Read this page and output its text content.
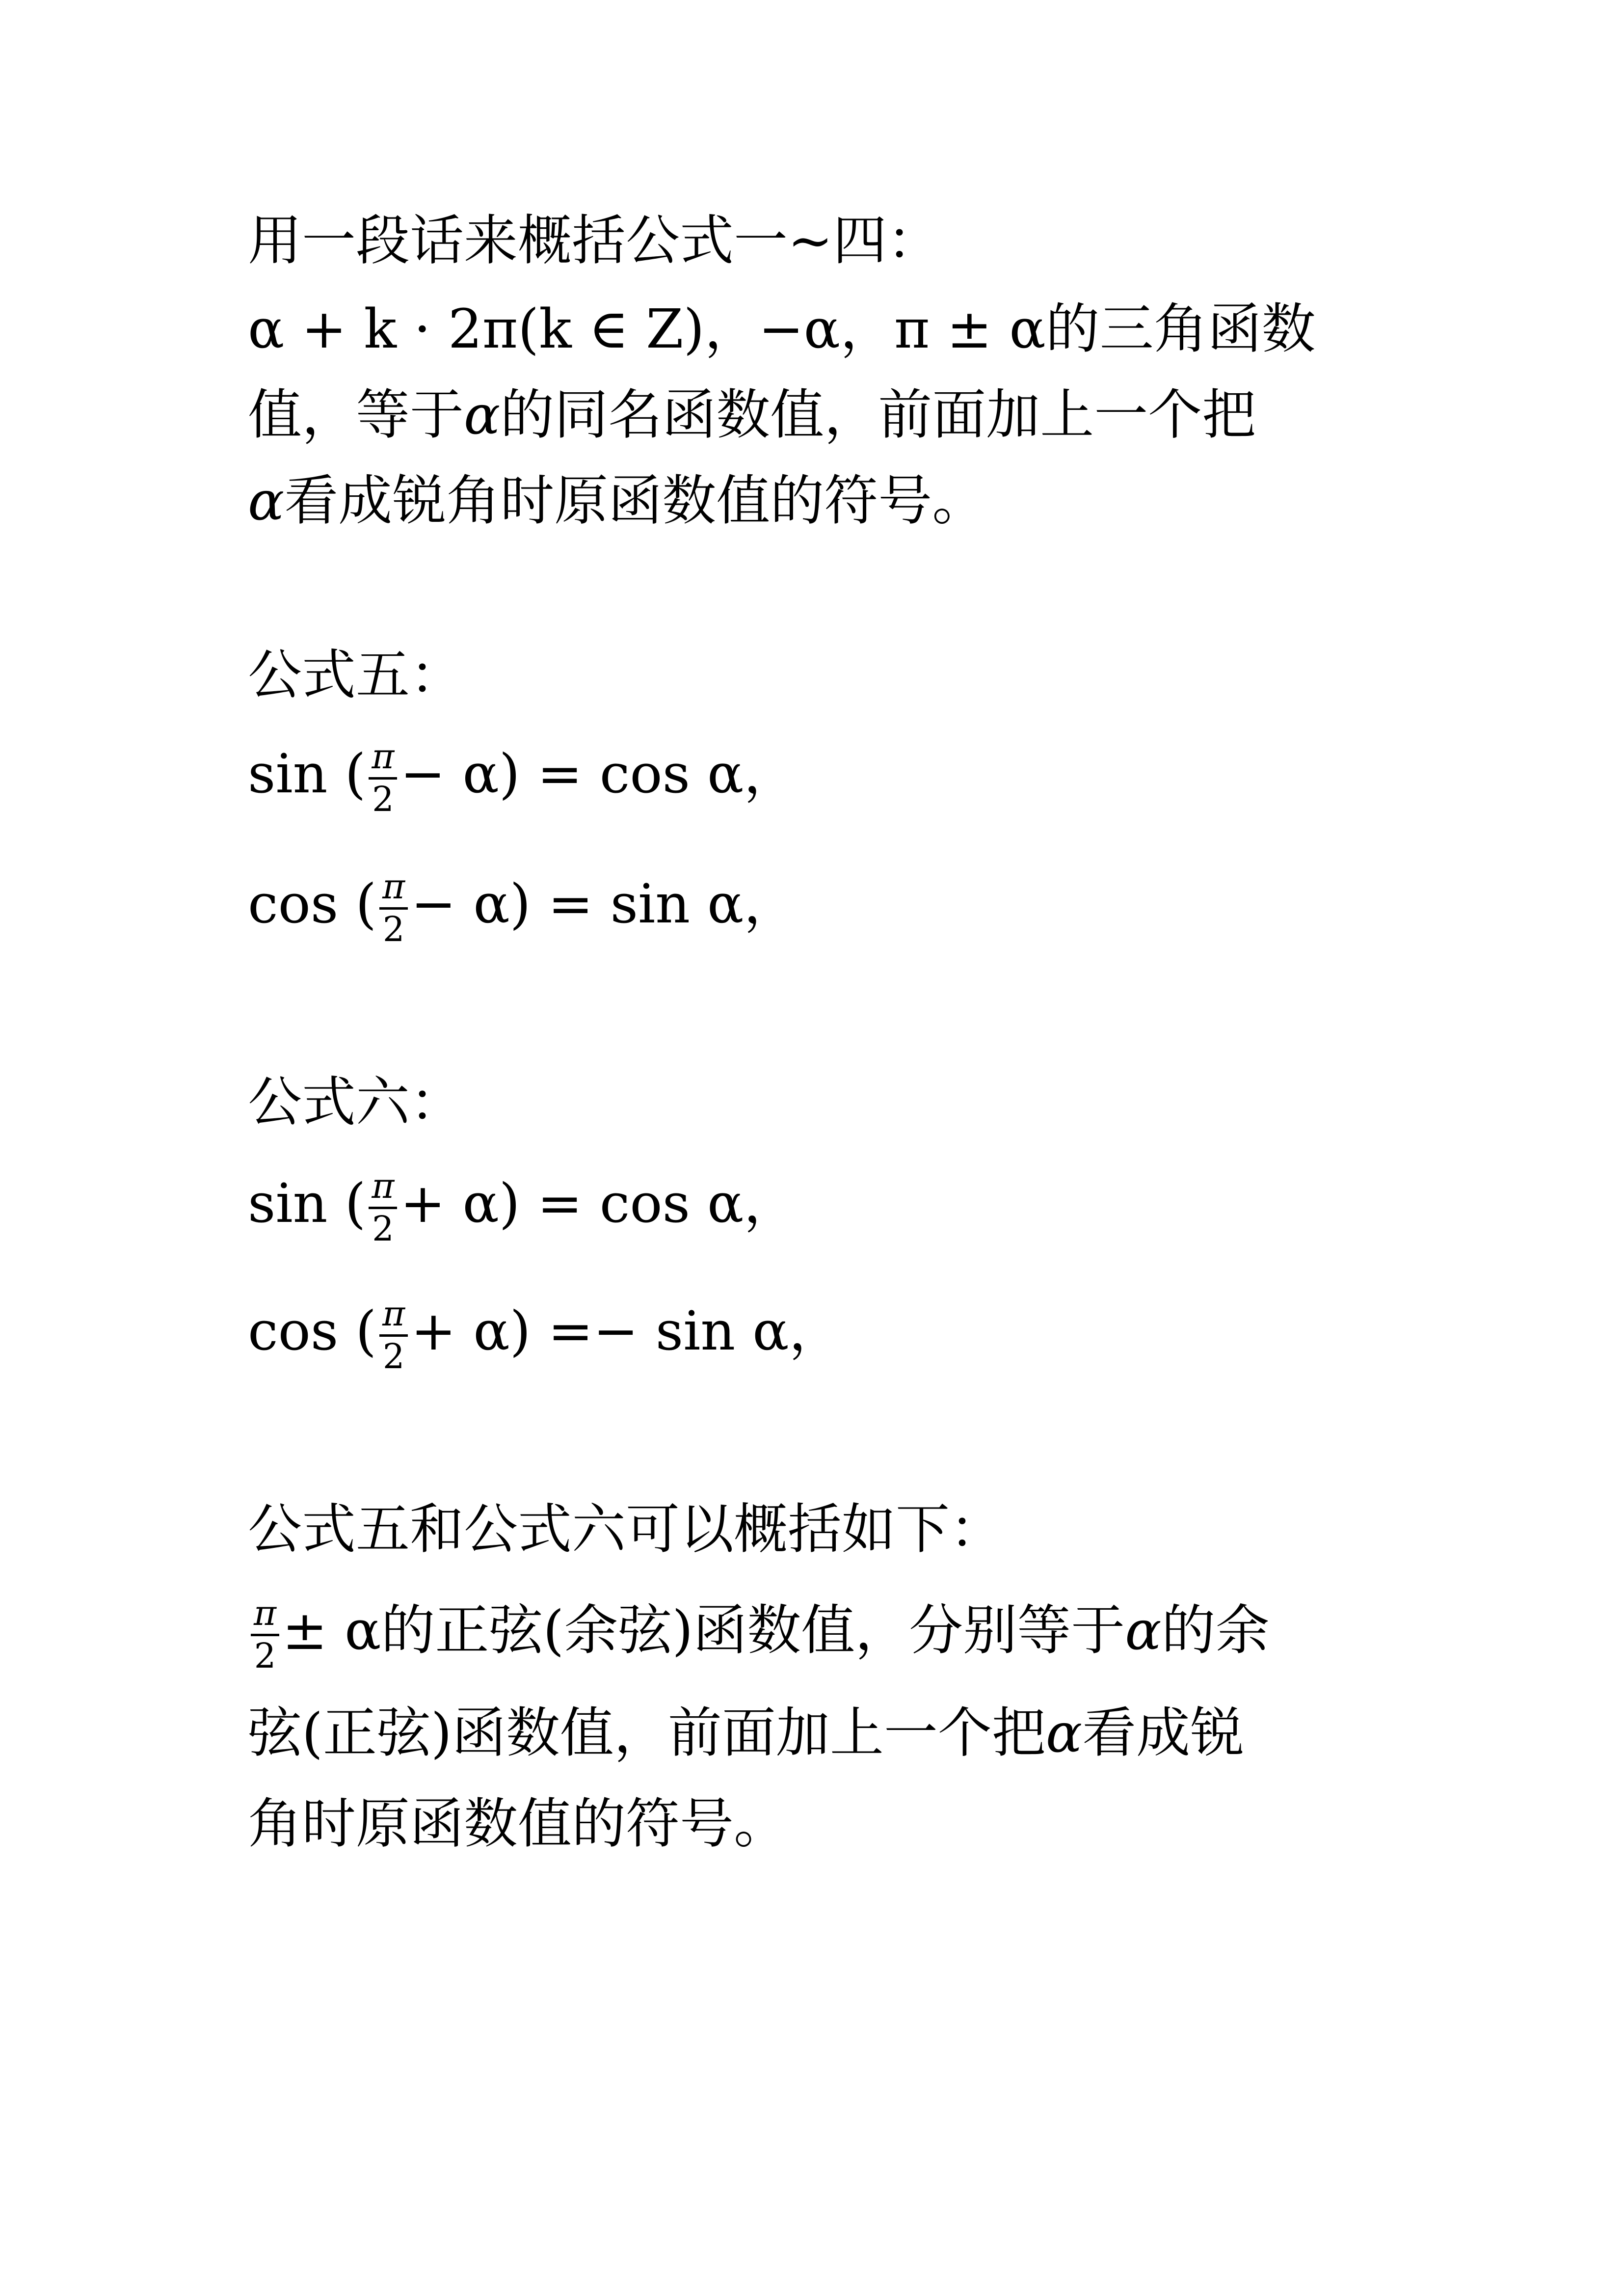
用一段话来概括公式一~四：
α + k · 2π(k ∈ Z)，−α，π ± α的三角函数
值，等于α的同名函数值，前面加上一个把
α看成锐角时原函数值的符号。
公式五：
sin ( $\frac{\pi}{2} - \alpha) = \cos \alpha$，
cos ( $\frac{\pi}{2} - \alpha) = \sin \alpha$，
公式六：
sin ( $\frac{\pi}{2} + \alpha) = \cos \alpha$，
cos ( $\frac{\pi}{2} + \alpha) =- \sin \alpha$，
公式五和公式六可以概括如下：
$\frac{\pi}{2} \pm \alpha$的正弦(余弦)函数值，分别等于α的余
弦(正弦)函数值，前面加上一个把α看成锐
角时原函数值的符号。
